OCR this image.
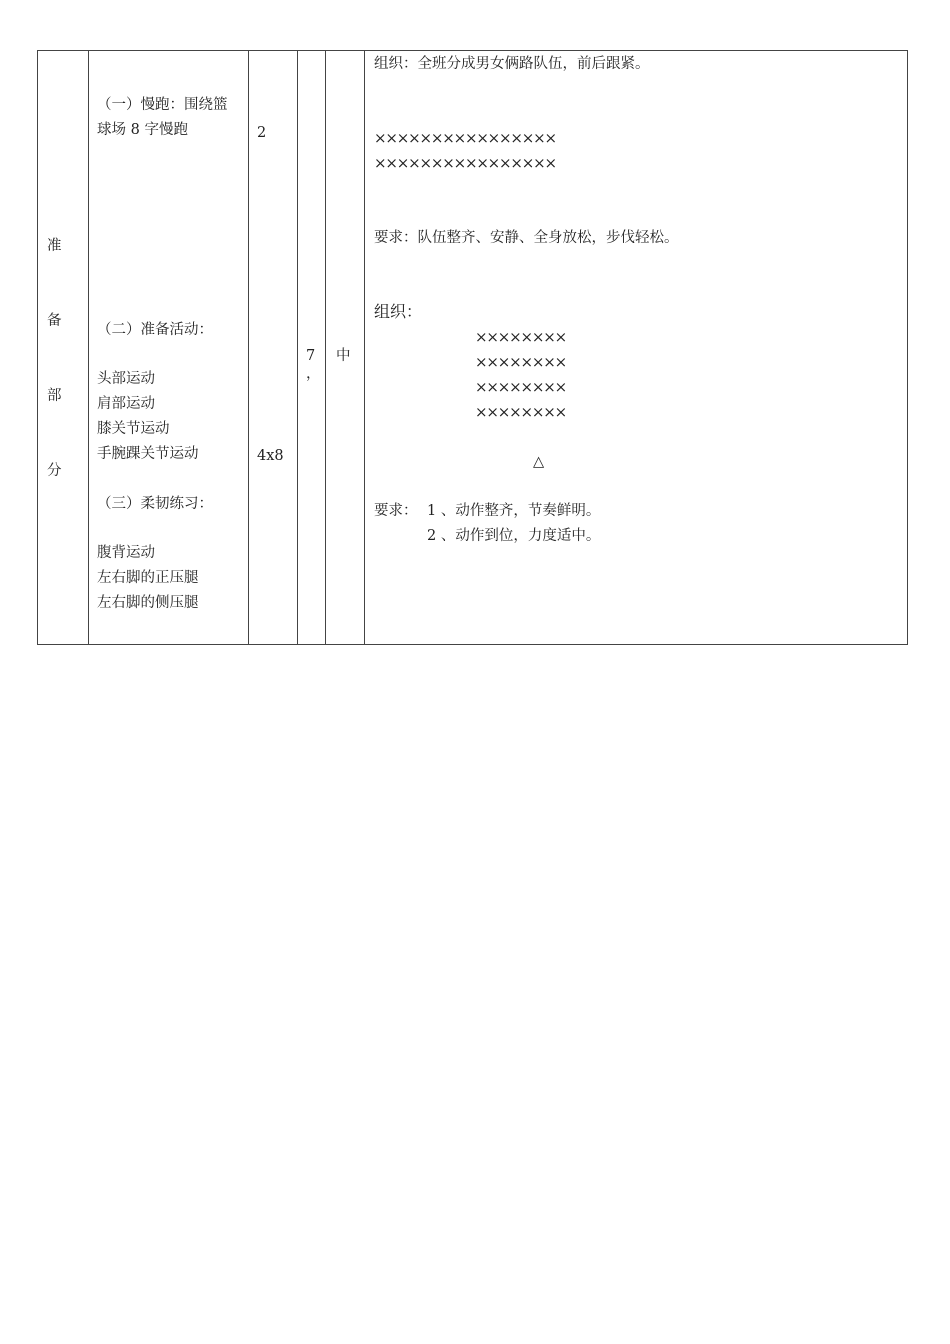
准
备
部
分
（一）慢跑：围绕篮
球场 8 字慢跑
（二）准备活动：
头部运动
肩部运动
膝关节运动
手腕踝关节运动
（三）柔韧练习：
腹背运动
左右脚的正压腿
左右脚的侧压腿
2
4x8
7
，
中
组织：全班分成男女俩路队伍，前后跟紧。
××××××××××××××××
××××××××××××××××
要求：队伍整齐、安静、全身放松，步伐轻松。
组织：
××××××××
××××××××
××××××××
××××××××
△
要求： 1 、动作整齐，节奏鲜明。
2 、动作到位，力度适中。
